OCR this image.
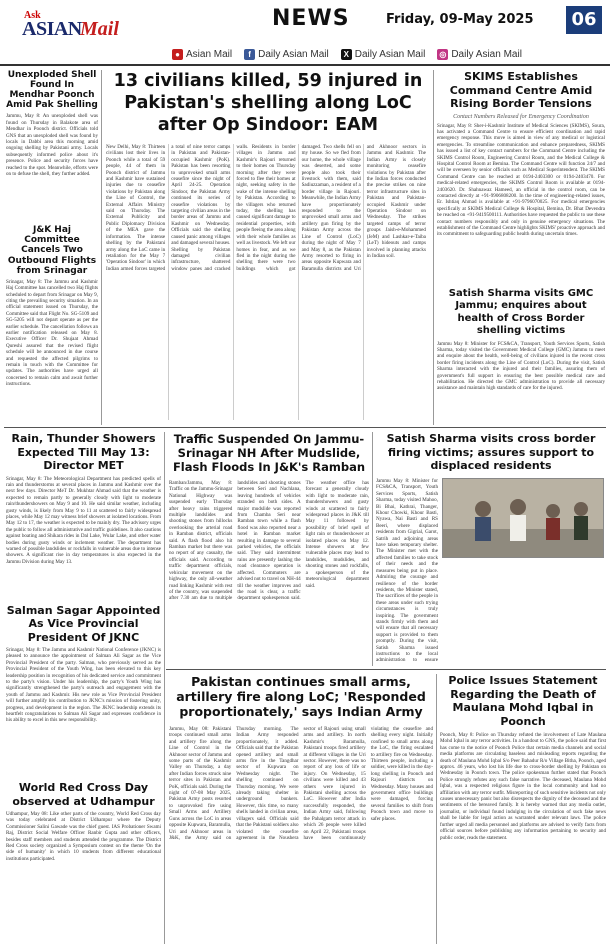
Ask
ASIAN
Mail	NEWS	Friday, 09-May 2025	06
● Asian Mail	f Daily Asian Mail	X Daily Asian Mail ◎ Daily Asian Mail
Unexploded Shell Found In Mendhar Poonch Amid Pak Shelling
Jammu, May 8: An unexploded shell was found on Thursday in Balakote area of Mendhar in Poonch district. Officials told GNS that an unexploded shell was found by locals in Dabbi area this morning amid ongoing shelling by Pakistani army. Locals subsequently informed police about it's presence. Police and security forces have reached to the spot. Meanwhile, efforts were on to defuse the shell, they further added.
J&K Haj Committee Cancels Two Outbound Flights from Srinagar
Srinagar, May 8: The Jammu and Kashmir Haj Committee has cancelled two Haj flights scheduled to depart from Srinagar on May 9, citing the prevailing security situation. In an official statement issued on Thursday, the Committee said that Flight No. SG-5109 and SG-5205 will not depart operate as per the earlier schedule. The cancellation follows an earlier notification released on May 8. Executive Officer Dr. Shujaat Ahmad Qureshi assured that the revised flight schedule will be announced in due course and requested the affected pilgrims to remain in touch with the Committee for updates. The authorities have urged all concerned to remain calm and await further instructions.
13 civilians killed, 59 injured in Pakistan's shelling along LoC after Op Sindoor: EAM
New Delhi, May 8: Thirteen civilians lost their lives in Poonch while a total of 59 people, 44 of them in Poonch district of Jammu and Kashmir have sustained injuries due to ceasefire violations by Pakistan along the Line of Control, the External Affairs Ministry said on Thursday. The External Publicity and Public Diplomacy Division of the MEA gave the information. The intense shelling by the Pakistani army along the LoC came in retaliation for the May 7 'Operation Sindoor' in which Indian armed forces targeted a total of nine terror camps in Pakistan and Pakistan-occupied Kashmir (PoK). Pakistan has been resorting to unprovoked small arms ceasefire since the night of April 24-25. Operation Sindoor, the Pakistan Army continued its series of ceasefire violations by targeting civilian areas in the border areas of Jammu and Kashmir on Wednesday. Officials said the shelling caused panic among villages and damaged several houses. Shelling by Pakistan damaged civilian infrastructure, shattered window panes and cracked walls. Residents in border villages in Jammu and Kashmir's Rajouri returned to their homes on Thursday morning after they were forced to flee their homes at night, seeking safety in the wake of the intense shelling by Pakistan. According to the villagers who returned today, the shelling has caused significant damage to residential properties, with people fleeing the area along with their whole families as well as livestock. We left our homes in fear, and as we fled in the night during the shelling there were two buildings which got damaged. Two shells fell on my house. So we fled from our home, the whole village was deserted, and some people also took their livestock with them, said Sadiuzzaman, a resident of a border village in Rajouri. Meanwhile, the Indian Army have proportionately responded to the unprovoked small arms and artillery gun firing by the Pakistan Army across the Line of Control (LoC) during the night of May 7 and May 8, as the Pakistan Army resorted to firing in areas opposite Kupwara and Baramulla districts and Uri and Akhnoor sectors in Jammu and Kashmir. The Indian Army is closely monitoring ceasefire violations by Pakistan after the Indian forces conducted the precise strikes on nine terror infrastructure sites in Pakistan and Pakistan-occupied Kashmir under Operation Sindoor on Wednesday. The strikes targeted camps of terror groups Jaish-e-Mohammed (JeM) and Lashkar-e-Taiba (LeT) hideouts and camps involved in planning attacks in Indian soil.
SKIMS Establishes Command Centre Amid Rising Border Tensions
Contact Numbers Released for Emergency Coordination
Srinagar, May 8: Sher-i-Kashmir Institute of Medical Sciences (SKIMS), Soura, has activated a Command Centre to ensure efficient coordination and rapid emergency response. This move is aimed in view of any medical or logistical emergencies. To streamline communication and enhance preparedness, SKIMS has issued a list of key contact numbers for the Command Centre including the SKIMS Control Room, Engineering Control Room, and the Medical College & Hospital Control Room at Bemina. The Command Centre will function 24/7 and will be overseen by senior officials such as Medical Superintendent. The SKIMS Command Centre can be reached at 0194-2403300 or 0194-2403470. For medical-related emergencies, the SKIMS Control Room is available at 0194-2403620. Dr. Shahnawaz Hameed, an official in the control room, can be contacted directly at +91-9906808200. In the time of engineering-related issues, Er. Ishtiaq Ahmad is available at +91-9796070025. For medical emergencies specifically at SKIMS Medical College & Hospital, Bemina, Dr. Bhat Devendra be reached on +91-9419500111. Authorities have requested the public to use these contact numbers responsibly and only in genuine emergency situations. The establishment of the Command Centre highlights SKIMS' proactive approach and its commitment to safeguarding public health during uncertain times.
Satish Sharma visits GMC Jammu; enquires about health of Cross Border shelling victims
Jammu May 8: Minister for FCS&CA, Transport, Youth Services Sports, Satish Sharma, today visited the Government Medical College (GMC) Jammu to meet and enquire about the health, well-being of civilians injured in the recent cross border firing incidents along the Line of Control (LoC). During the visit, Satish Sharma interacted with the injured and their families, assuring them of government's full support in ensuring the best possible medical care and rehabilitation. He directed the GMC administration to provide all necessary assistance and maintain high standards of care for the injured.
Rain, Thunder Showers Expected Till May 13: Director MET
Srinagar, May 8: The Meteorological Department has predicted spells of rain and thunderstorms at several places in Jammu and Kashmir over the next few days. Director MeT Dr. Mukhtar Ahmad said that the weather is expected to remain partly to generally cloudy with light to moderate rain/thundershowers on May 9 and 10. He said similar weather, including gusty winds, is likely from May 9 to 11 at scattered to fairly widespread places, while May 12 may witness brief showers at isolated locations. From May 12 to 17, the weather is expected to be mainly dry. The advisory urges the public to follow all administrative and traffic guidelines. It also cautions against boating and Shikara rides in Dal Lake, Wular Lake, and other water bodies during gusty winds or inclement weather. The department has warned of possible landslides or rockfalls in vulnerable areas due to intense showers. A significant rise in day temperatures is also expected in the Jammu Division during May 13.
Salman Sagar Appointed As Vice Provincial President Of JKNC
Srinagar, May 8: The Jammu and Kashmir National Conference (JKNC) is pleased to announce the appointment of Salman Ali Sagar as the Vice Provincial President of the party. Salman, who previously served as the Provincial President of the Youth Wing, has been elevated to this key leadership position in recognition of his dedicated service and commitment to the party's vision. Under his leadership, the party's Youth Wing has significantly strengthened the party's outreach and engagement with the youth of Jammu and Kashmir. His new role as Vice Provincial President will further amplify his contribution to JKNC's mission of fostering unity, progress, and development in the region. The JKNC leadership extends its heartfelt congratulations to Salman Ali Sagar and expresses confidence in his ability to excel in this new responsibility.
World Red Cross Day observed at Udhampur
Udhampur, May 08: Like other parts of the country, World Red Cross day was today celebrated at District Udhampur where the Deputy Commissioner Salini Gawade was the chief guest. IAS Probationer Swami Raj, District Social Welfare Officer Ranbir Gupta and other officers, besides staff members and students attended the programme. The District Red Cross society organized a Symposium contest on the theme 'On the side of humanity' in which 10 students from different educational institutions participated.
Traffic Suspended On Jammu-Srinagar NH After Mudslide, Flash Floods In J&K's Ramban
Ramban/Jammu, May 8: Traffic on the Jammu-Srinagar National Highway was suspended early Thursday after heavy rains triggered multiple landslides and shooting stones from hillocks overlooking the arterial road in Ramban district, officials said. A flash flood also hit Ramban market but there was no report of any casualty, the officials said. According to traffic department officials, vehicular movement on the highway, the only all-weather road linking Kashmir with rest of the country, was suspended after 7.30 am due to multiple landslides and shooting stones between Seri and Nachlana, leaving hundreds of vehicles stranded on both sides. A major mudslide was reported from Chamba Seri near Ramban town while a flash flood was also reported near a hotel in Ramban market resulting in damage to several parked vehicles, the officials said. They said intermittent rains are presently lashing the road clearance operation is affected. Commuters are advised not to travel on NH-44 till the weather improves and the road is clear, a traffic department spokesperson said. The weather office has forecast a generally cloudy with light to moderate rain, thundershowers and gusty winds at scattered to fairly widespread places in J&K till May 11 followed by possibility of brief spell of light rain or thundershower at isolated places on May 12. Intense showers at few vulnerable places may lead to landslides, mudslides, and shooting stones and rockfalls, a spokesperson of the meteorological department said.
Satish Sharma visits cross border firing victims; assures support to displaced residents
Jammu May 8: Minister for FCS&CA, Transport, Youth Services Sports, Satish Sharma, today visited Mahoo, Bi Bhai, Kathrai, Thanger, Khour Chowki, Khour Basti, Nyawa, Nai Basti and RS Beeri, where displaced residents from Gigrial, Garot, Satrih and adjoining areas have taken temporary shelter. The Minister met with the affected families to take stock of their needs and the measures being put in place. Admiring the courage and resilience of the border residents, the Minister stated, The sacrifices of the people in these areas under such trying circumstances is truly inspiring. The government stands firmly with them and will ensure that all necessary support is provided to them promptly. During the visit, Satish Sharma issued instructions to the local administration to ensure
Pakistan continues small arms, artillery fire along LoC; 'Responded proportionately,' says Indian Army
Jammu, May 08: Pakistani troops continued small arms and artillery fire along the Line of Control in the Akhnoor sector of Jammu and some parts of the Kashmir Valley on Thursday, a day after Indian forces struck nine terror sites in Pakistan and PoK, officials said. During the night of 07-08 May 2025, Pakistan Army posts resorted to unprovoked fire using Small Arms and Artillery Guns across the LoC in areas opposite Kupwara, Baramulla, Uri and Akhnoor areas in J&K, the Army said on Thursday morning. The Indian Army responded proportionately, it added. Officials said that the Pakistan opened artillery and small arms fire in the Tangdhar sector of Kupwara on Wednesday night. The shelling continued on Thursday morning. We were already taking shelter in underground bunkers. However, this time, so many shells landed in civilian areas, villagers said. Officials said that the Pakistani soldiers also violated the ceasefire agreement in the Noushera sector of Rajouri using small arms and artillery. In north Kashmir's Baramulla, Pakistani troops fired artillery at different villages in the Uri sector. However, there was no report of any loss of life or injury. On Wednesday, 15 civilians were killed and 43 others were injured in Pakistani shelling across the LoC. However after India successfully responded, the Indian Army said, following the Pahalgam terror attack in which 26 people were killed on April 22, Pakistani troops have been continuously violating the ceasefire and shelling every night. Initially confined to small arms along the LoC, the firing escalated to artillery fire on Wednesday. Thirteen people, including a soldier, were killed in the day-long shelling in Poonch and Rajouri districts on Wednesday. Many houses and government office buildings were damaged, forcing several families to shift from Poonch town and move to safer places.
Police Issues Statement Regarding the Death of Maulana Mohd Iqbal in Poonch
Poonch, May 8: Police on Thursday refuted the involvement of Late Maulana Mohd Iqbal in any terror activities. In a handout to GNS, the police said that first has come to the notice of Poonch Police that certain media channels and social media platforms are circulating baseless and misleading reports regarding the death of Maulana Mohd Iqbal S/o Peer Bahadur R/o Village Bitha, Poonch, aged approx. 46 years, who lost his life due to cross-border shelling by Pakistan on Wednesday in Poonch town. The police spokesman further stated that Poonch Police strongly refutes any such false narrative. The deceased, Maulana Mohd Iqbal, was a respected religious figure in the local community and had no affiliation with any terror outfit. Misreporting of such sensitive incidents not only causes unnecessary panic but also disrespects the dignity of the deceased and the sentiments of the bereaved family. It is hereby warned that any media outlet, journalist, or individual found indulging in the circulation of such fake news shall be liable for legal action as warranted under relevant laws. The police further urged all media personnel and platforms are advised to verify facts from official sources before publishing any information pertaining to security and public order, reads the statement.
